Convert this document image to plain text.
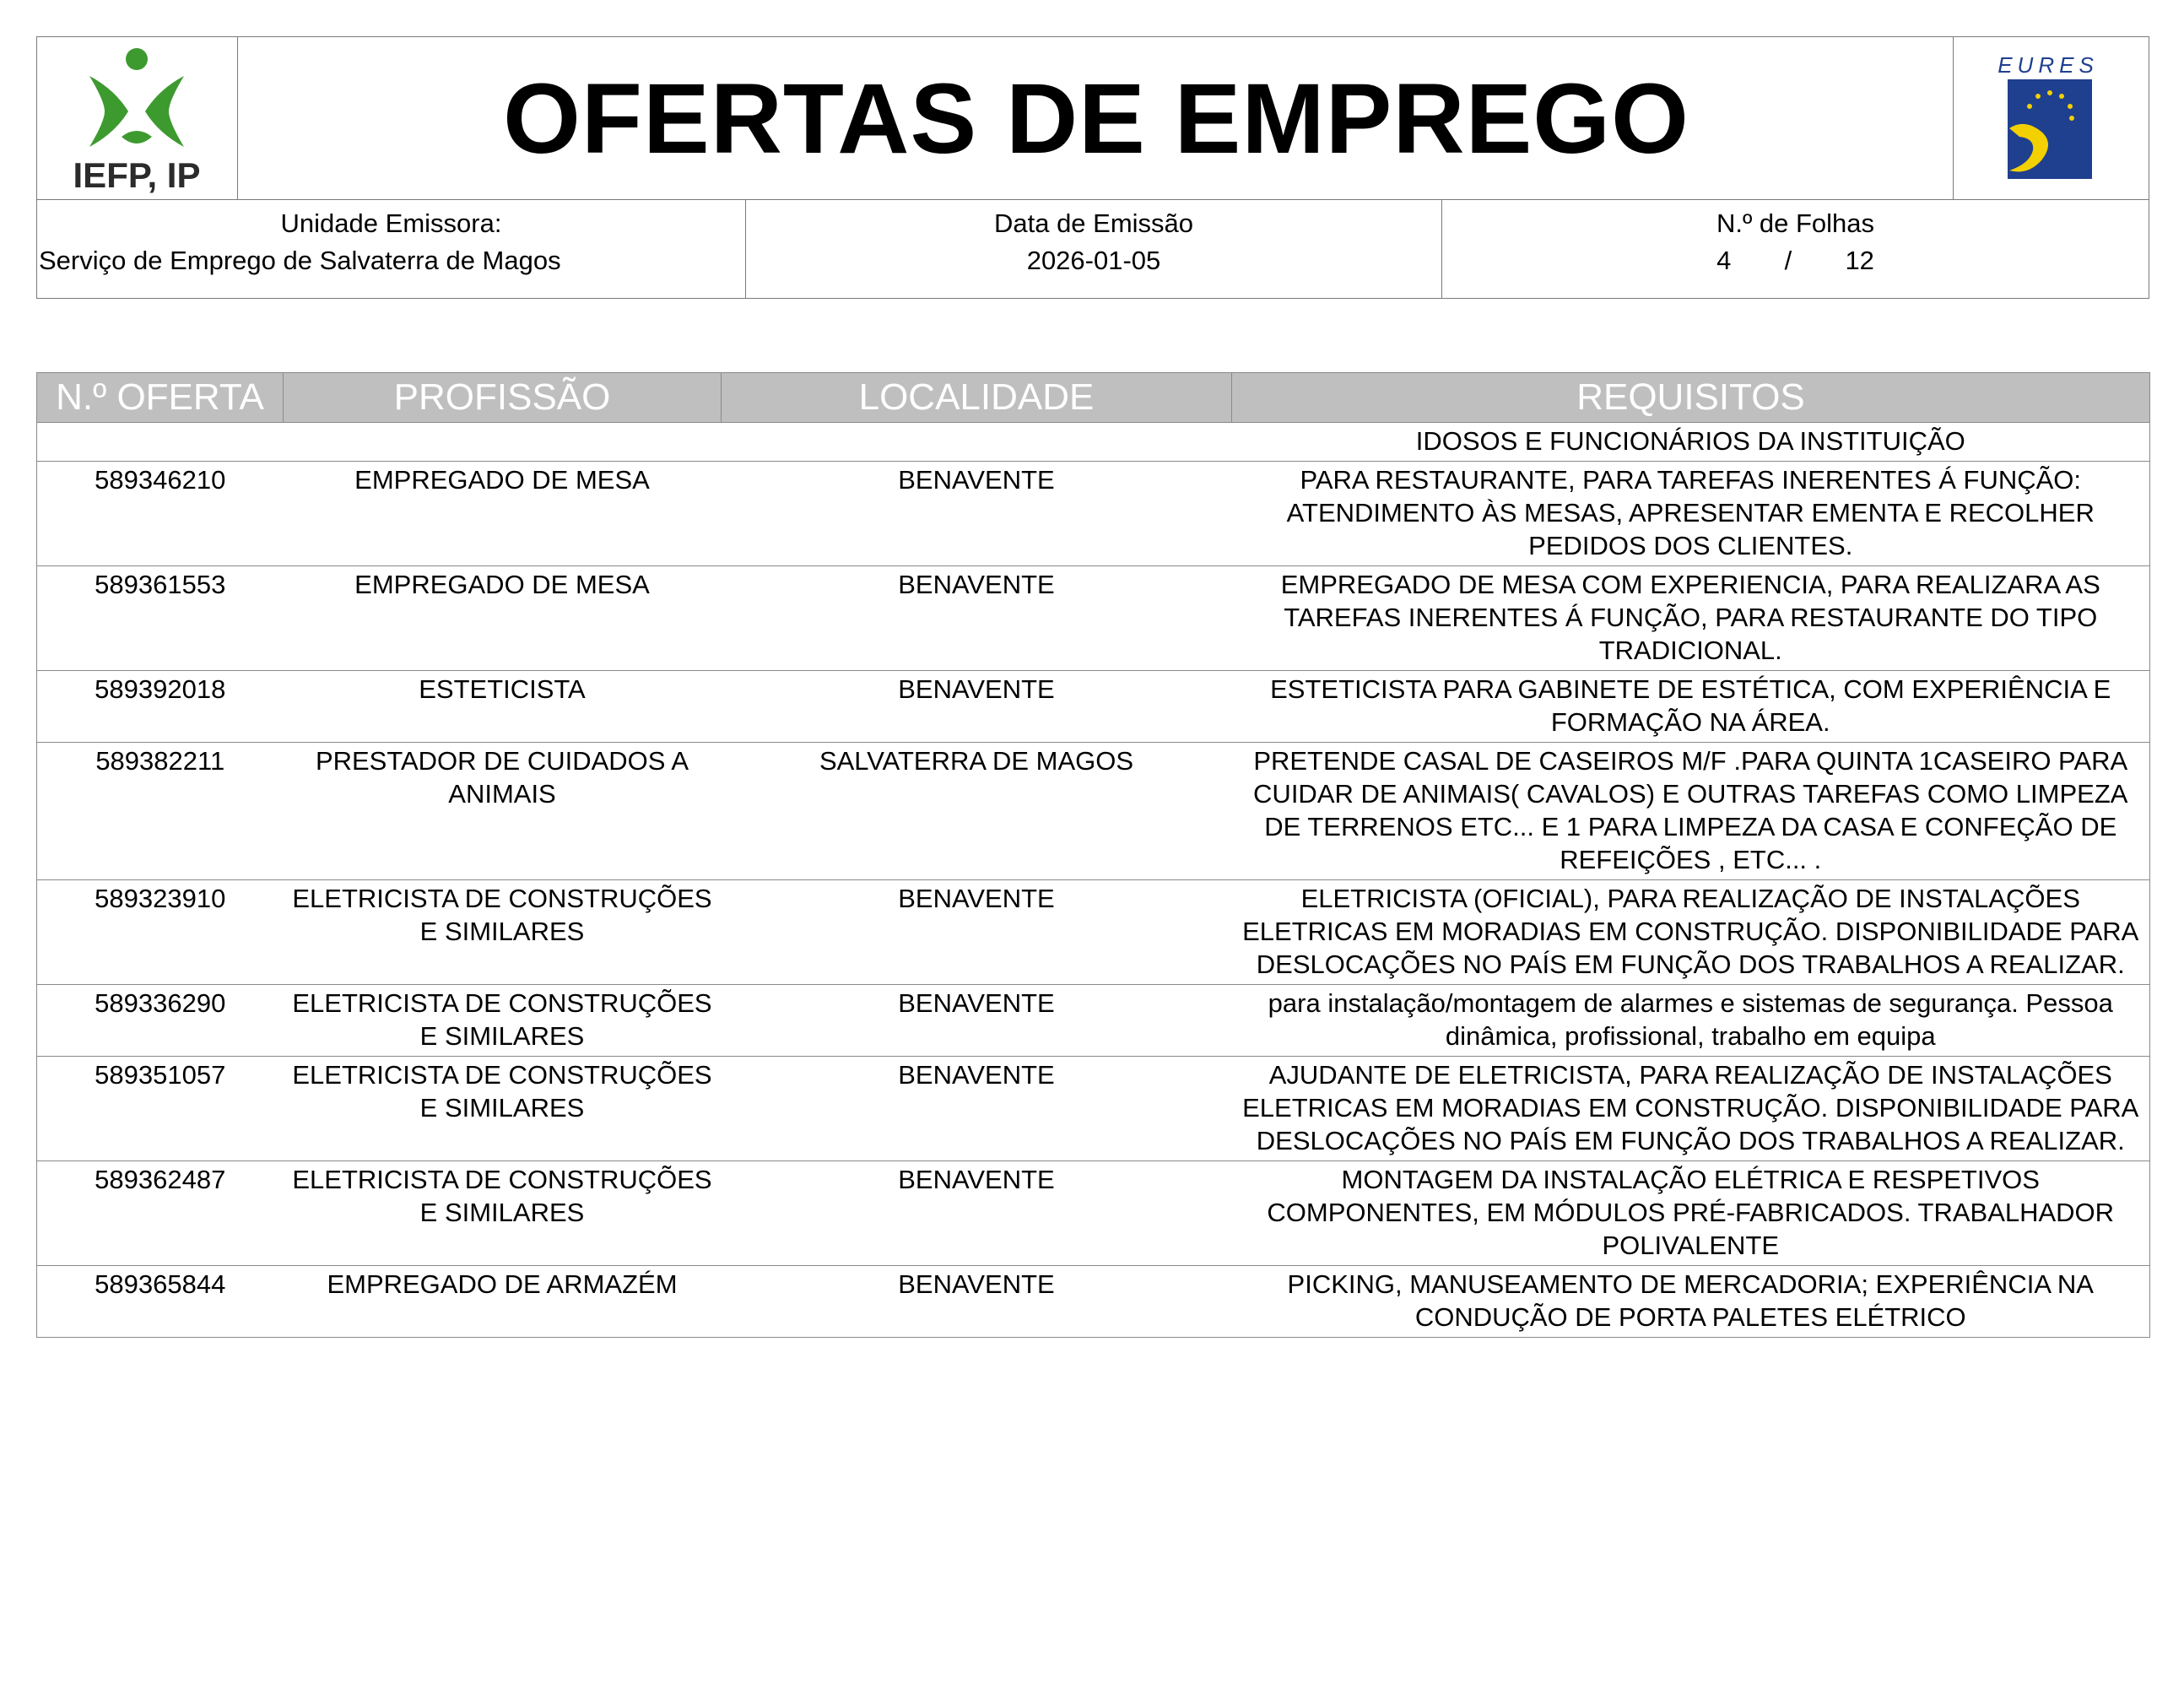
IEFP, IP
OFERTAS DE EMPREGO	EURES
Unidade Emissora:
Serviço de Emprego de Salvaterra de Magos
Data de Emissão
2026-01-05
N.º de Folhas
4 / 12
N.º OFERTA	PROFISSÃO	LOCALIDADE	REQUISITOS
			IDOSOS E FUNCIONÁRIOS DA INSTITUIÇÃO
589346210	EMPREGADO DE MESA	BENAVENTE	PARA RESTAURANTE, PARA TAREFAS INERENTES Á FUNÇÃO: ATENDIMENTO ÀS MESAS, APRESENTAR EMENTA E RECOLHER PEDIDOS DOS CLIENTES.
589361553	EMPREGADO DE MESA	BENAVENTE	EMPREGADO DE MESA COM EXPERIENCIA, PARA REALIZARA AS TAREFAS INERENTES Á FUNÇÃO, PARA RESTAURANTE DO TIPO TRADICIONAL.
589392018	ESTETICISTA	BENAVENTE	ESTETICISTA PARA GABINETE DE ESTÉTICA, COM EXPERIÊNCIA E FORMAÇÃO NA ÁREA.
589382211	PRESTADOR DE CUIDADOS A ANIMAIS	SALVATERRA DE MAGOS	PRETENDE CASAL DE CASEIROS M/F .PARA QUINTA 1CASEIRO PARA CUIDAR DE ANIMAIS( CAVALOS) E OUTRAS TAREFAS COMO LIMPEZA DE TERRENOS ETC... E 1 PARA LIMPEZA DA CASA E CONFEÇÃO DE REFEIÇÕES , ETC... .
589323910	ELETRICISTA DE CONSTRUÇÕES E SIMILARES	BENAVENTE	ELETRICISTA (OFICIAL), PARA REALIZAÇÃO DE INSTALAÇÕES ELETRICAS EM MORADIAS EM CONSTRUÇÃO. DISPONIBILIDADE PARA DESLOCAÇÕES NO PAÍS EM FUNÇÃO DOS TRABALHOS A REALIZAR.
589336290	ELETRICISTA DE CONSTRUÇÕES E SIMILARES	BENAVENTE	para instalação/montagem de alarmes e sistemas de segurança. Pessoa dinâmica, profissional, trabalho em equipa
589351057	ELETRICISTA DE CONSTRUÇÕES E SIMILARES	BENAVENTE	AJUDANTE DE ELETRICISTA, PARA REALIZAÇÃO DE INSTALAÇÕES ELETRICAS EM MORADIAS EM CONSTRUÇÃO. DISPONIBILIDADE PARA DESLOCAÇÕES NO PAÍS EM FUNÇÃO DOS TRABALHOS A REALIZAR.
589362487	ELETRICISTA DE CONSTRUÇÕES E SIMILARES	BENAVENTE	MONTAGEM DA INSTALAÇÃO ELÉTRICA E RESPETIVOS COMPONENTES, EM MÓDULOS PRÉ-FABRICADOS. TRABALHADOR POLIVALENTE
589365844	EMPREGADO DE ARMAZÉM	BENAVENTE	PICKING, MANUSEAMENTO DE MERCADORIA; EXPERIÊNCIA NA CONDUÇÃO DE PORTA PALETES ELÉTRICO
